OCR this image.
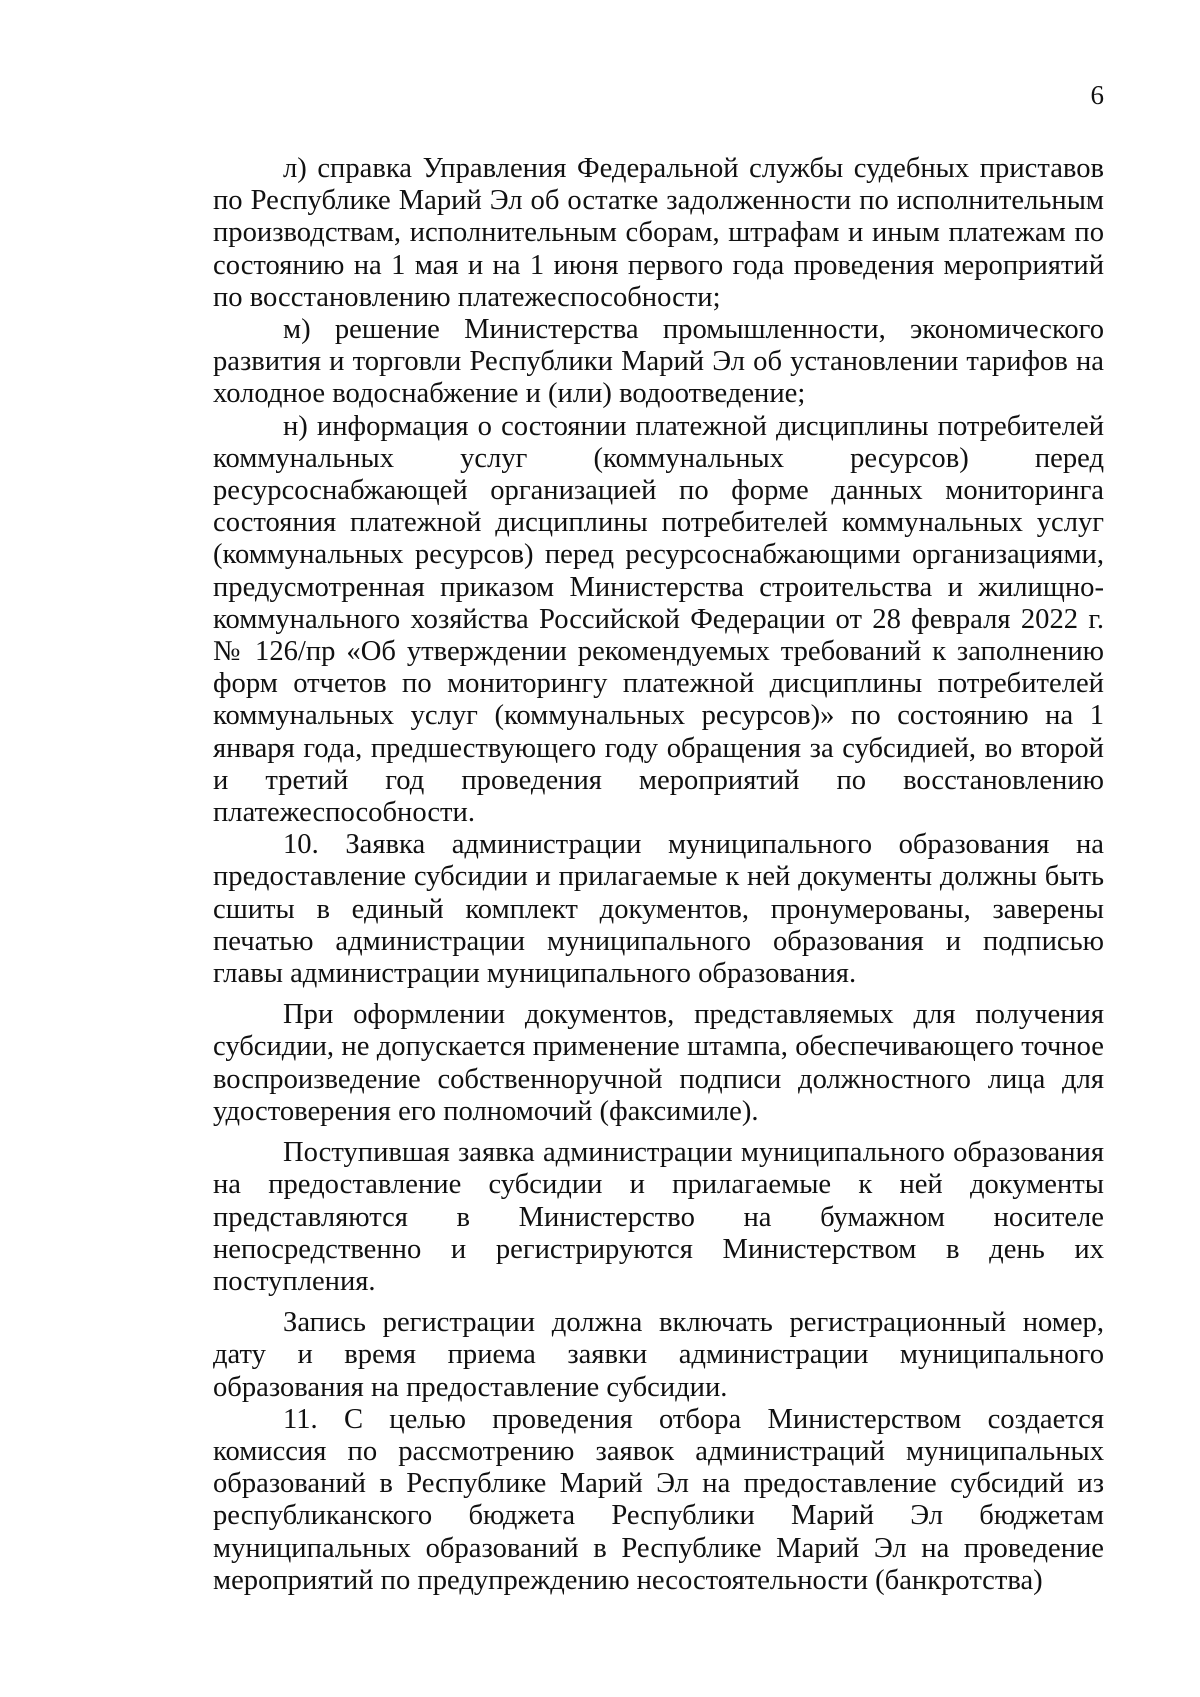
6

л) справка Управления Федеральной службы судебных приставов по Республике Марий Эл об остатке задолженности по исполнительным производствам, исполнительным сборам, штрафам и иным платежам по состоянию на 1 мая и на 1 июня первого года проведения мероприятий по восстановлению платежеспособности;

м) решение Министерства промышленности, экономического развития и торговли Республики Марий Эл об установлении тарифов на холодное водоснабжение и (или) водоотведение;

н) информация о состоянии платежной дисциплины потребителей коммунальных услуг (коммунальных ресурсов) перед ресурсоснабжающей организацией по форме данных мониторинга состояния платежной дисциплины потребителей коммунальных услуг (коммунальных ресурсов) перед ресурсоснабжающими организациями, предусмотренная приказом Министерства строительства и жилищно-коммунального хозяйства Российской Федерации от 28 февраля 2022 г. № 126/пр «Об утверждении рекомендуемых требований к заполнению форм отчетов по мониторингу платежной дисциплины потребителей коммунальных услуг (коммунальных ресурсов)» по состоянию на 1 января года, предшествующего году обращения за субсидией, во второй и третий год проведения мероприятий по восстановлению платежеспособности.

10. Заявка администрации муниципального образования на предоставление субсидии и прилагаемые к ней документы должны быть сшиты в единый комплект документов, пронумерованы, заверены печатью администрации муниципального образования и подписью главы администрации муниципального образования.

При оформлении документов, представляемых для получения субсидии, не допускается применение штампа, обеспечивающего точное воспроизведение собственноручной подписи должностного лица для удостоверения его полномочий (факсимиле).

Поступившая заявка администрации муниципального образования на предоставление субсидии и прилагаемые к ней документы представляются в Министерство на бумажном носителе непосредственно и регистрируются Министерством в день их поступления.

Запись регистрации должна включать регистрационный номер, дату и время приема заявки администрации муниципального образования на предоставление субсидии.

11. С целью проведения отбора Министерством создается комиссия по рассмотрению заявок администраций муниципальных образований в Республике Марий Эл на предоставление субсидий из республиканского бюджета Республики Марий Эл бюджетам муниципальных образований в Республике Марий Эл на проведение мероприятий по предупреждению несостоятельности (банкротства)
